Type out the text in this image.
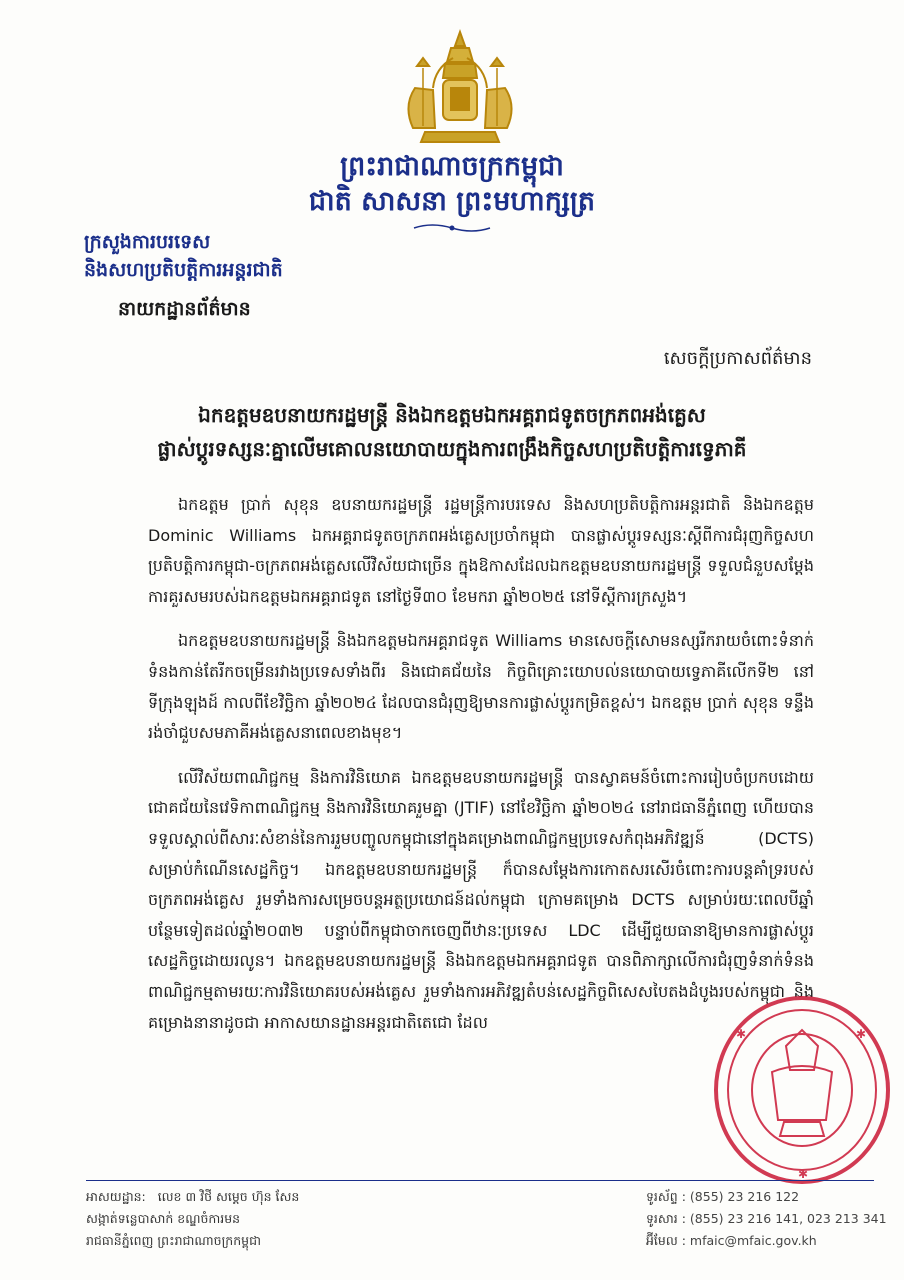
ព្រះរាជាណាចក្រកម្ពុជា
ជាតិ សាសនា ព្រះមហាក្សត្រ
ក្រសួងការបរទេស
និងសហប្រតិបត្តិការអន្តរជាតិ
នាយកដ្ឋានព័ត៌មាន
សេចក្តីប្រកាសព័ត៌មាន
ឯកឧត្តមឧបនាយករដ្ឋមន្ត្រី និងឯកឧត្តមឯកអគ្គរាជទូតចក្រភពអង់គ្លេស
ផ្លាស់ប្តូរទស្សនៈគ្នាលើមគោលនយោបាយក្នុងការពង្រឹងកិច្ចសហប្រតិបត្តិការទ្វេភាគី

ឯកឧត្តម ប្រាក់ សុខុន ឧបនាយករដ្ឋមន្ត្រី រដ្ឋមន្ត្រីការបរទេស និងសហប្រតិបត្តិការអន្តរជាតិ និងឯកឧត្តម Dominic Williams ឯកអគ្គរាជទូតចក្រភពអង់គ្លេសប្រចាំកម្ពុជា បានផ្លាស់ប្តូរទស្សនៈស្តីពីការជំរុញកិច្ចសហប្រតិបត្តិការកម្ពុជា-ចក្រភពអង់គ្លេសលើវិស័យជាច្រើន ក្នុងឱកាសដែលឯកឧត្តមឧបនាយករដ្ឋមន្ត្រី ទទួលជំនួបសម្តែងការគួរសមរបស់ឯកឧត្តមឯកអគ្គរាជទូត នៅថ្ងៃទី៣០ ខែមករា ឆ្នាំ២០២៥ នៅទីស្តីការក្រសួង។

ឯកឧត្តមឧបនាយករដ្ឋមន្ត្រី និងឯកឧត្តមឯកអគ្គរាជទូត Williams មានសេចក្តីសោមនស្សរីករាយចំពោះទំនាក់ទំនងកាន់តែរីកចម្រើនរវាងប្រទេសទាំងពីរ និងជោគជ័យនៃ កិច្ចពិគ្រោះយោបល់នយោបាយទ្វេភាគីលើកទី២ នៅទីក្រុងឡុងដ៍ កាលពីខែវិច្ឆិកា ឆ្នាំ២០២៤ ដែលបានជំរុញឱ្យមានការផ្លាស់ប្តូរកម្រិតខ្ពស់។ ឯកឧត្តម ប្រាក់ សុខុន ទន្ទឹងរង់ចាំជួបសមភាគីអង់គ្លេសនាពេលខាងមុខ។

លើវិស័យពាណិជ្ជកម្ម និងការវិនិយោគ ឯកឧត្តមឧបនាយករដ្ឋមន្ត្រី បានស្វាគមន៍ចំពោះការរៀបចំប្រកបដោយជោគជ័យនៃវេទិកាពាណិជ្ជកម្ម និងការវិនិយោគរួមគ្នា (JTIF) នៅខែវិច្ឆិកា ឆ្នាំ២០២៤ នៅរាជធានីភ្នំពេញ ហើយបានទទួលស្គាល់ពីសារៈសំខាន់នៃការរួមបញ្ចូលកម្ពុជានៅក្នុងគម្រោងពាណិជ្ជកម្មប្រទេសកំពុងអភិវឌ្ឍន៍ (DCTS) សម្រាប់កំណើនសេដ្ឋកិច្ច។ ឯកឧត្តមឧបនាយករដ្ឋមន្ត្រី ក៏បានសម្តែងការកោតសរសើរចំពោះការបន្តគាំទ្ររបស់ចក្រភពអង់គ្លេស រួមទាំងការសម្រេចបន្តអត្ថប្រយោជន៍ដល់កម្ពុជា ក្រោមគម្រោង DCTS សម្រាប់រយៈពេលបីឆ្នាំបន្ថែមទៀតដល់ឆ្នាំ២០៣២ បន្ទាប់ពីកម្ពុជាចាកចេញពីឋានៈប្រទេស LDC ដើម្បីជួយធានាឱ្យមានការផ្លាស់ប្តូរសេដ្ឋកិច្ចដោយរលូន។ ឯកឧត្តមឧបនាយករដ្ឋមន្ត្រី និងឯកឧត្តមឯកអគ្គរាជទូត បានពិភាក្សាលើការជំរុញទំនាក់ទំនងពាណិជ្ជកម្មតាមរយៈការវិនិយោគរបស់អង់គ្លេស រួមទាំងការអភិវឌ្ឍតំបន់សេដ្ឋកិច្ចពិសេសបៃតងដំបូងរបស់កម្ពុជា និងគម្រោងនានាដូចជា អាកាសយានដ្ឋានអន្តរជាតិតេជោ ដែល

✱	✱
✱
អាសយដ្ឋាន: លេខ ៣ វិថី សម្តេច ហ៊ុន សែន
សង្កាត់ទន្លេបាសាក់ ខណ្ឌចំការមន
រាជធានីភ្នំពេញ ព្រះរាជាណាចក្រកម្ពុជា
ទូរស័ព្ទ : (855) 23 216 122
ទូរសារ : (855) 23 216 141, 023 213 341
អ៊ីមែល : mfaic@mfaic.gov.kh
